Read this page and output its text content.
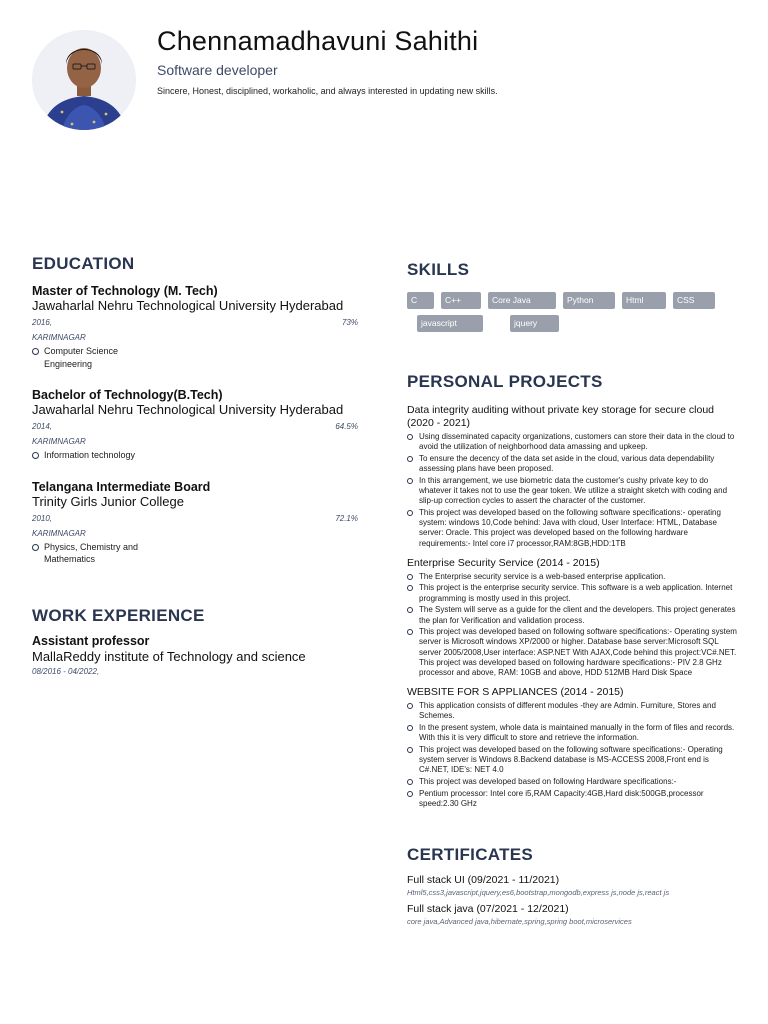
Chennamadhavuni Sahithi
Software developer
Sincere, Honest, disciplined, workaholic, and always interested in updating new skills.
EDUCATION
Master of Technology (M. Tech)
Jawaharlal Nehru Technological University Hyderabad
2016,	73%
KARIMNAGAR
Computer Science Engineering
Bachelor of Technology(B.Tech)
Jawaharlal Nehru Technological University Hyderabad
2014,	64.5%
KARIMNAGAR
Information technology
Telangana Intermediate Board
Trinity Girls Junior College
2010,	72.1%
KARIMNAGAR
Physics, Chemistry and Mathematics
WORK EXPERIENCE
Assistant professor
MallaReddy institute of Technology and science
08/2016 - 04/2022,
SKILLS
C	C++	Core Java	Python	Html	CSS
javascript	jquery
PERSONAL PROJECTS
Data integrity auditing without private key storage for secure cloud (2020 - 2021)
Using disseminated capacity organizations, customers can store their data in the cloud to avoid the utilization of neighborhood data amassing and upkeep.
To ensure the decency of the data set aside in the cloud, various data dependability assessing plans have been proposed.
In this arrangement, we use biometric data the customer's cushy private key to do whatever it takes not to use the gear token. We utilize a straight sketch with coding and slip-up correction cycles to assert the character of the customer.
This project was developed based on the following software specifications:- operating system: windows 10,Code behind: Java with cloud, User Interface: HTML, Database server: Oracle. This project was developed based on the following hardware requirements:- Intel core i7 processor,RAM:8GB,HDD:1TB
Enterprise Security Service (2014 - 2015)
The Enterprise security service is a web-based enterprise application.
This project is the enterprise security service. This software is a web application. Internet programming is mostly used in this project.
The System will serve as a guide for the client and the developers. This project generates the plan for Verification and validation process.
This project was developed based on following software specifications:- Operating system server is Microsoft windows XP/2000 or higher. Database base server:Microsoft SQL server 2005/2008,User interface: ASP.NET With AJAX,Code behind this project:VC#.NET. This project was developed based on following hardware specifications:- PIV 2.8 GHz processor and above, RAM: 10GB and above, HDD 512MB Hard Disk Space
WEBSITE FOR S APPLIANCES (2014 - 2015)
This application consists of different modules -they are Admin. Furniture, Stores and Schemes.
In the present system, whole data is maintained manually in the form of files and records. With this it is very difficult to store and retrieve the information.
This project was developed based on the following software specifications:- Operating system server is Windows 8.Backend database is MS-ACCESS 2008,Front end is C#.NET, IDE's: NET 4.0
This project was developed based on following Hardware specifications:-
Pentium processor: Intel core i5,RAM Capacity:4GB,Hard disk:500GB,processor speed:2.30 GHz
CERTIFICATES
Full stack UI (09/2021 - 11/2021)
Html5,css3,javascript,jquery,es6,bootstrap,mongodb,express js,node js,react js
Full stack java (07/2021 - 12/2021)
core java,Advanced java,hibernate,spring,spring boot,microservices
